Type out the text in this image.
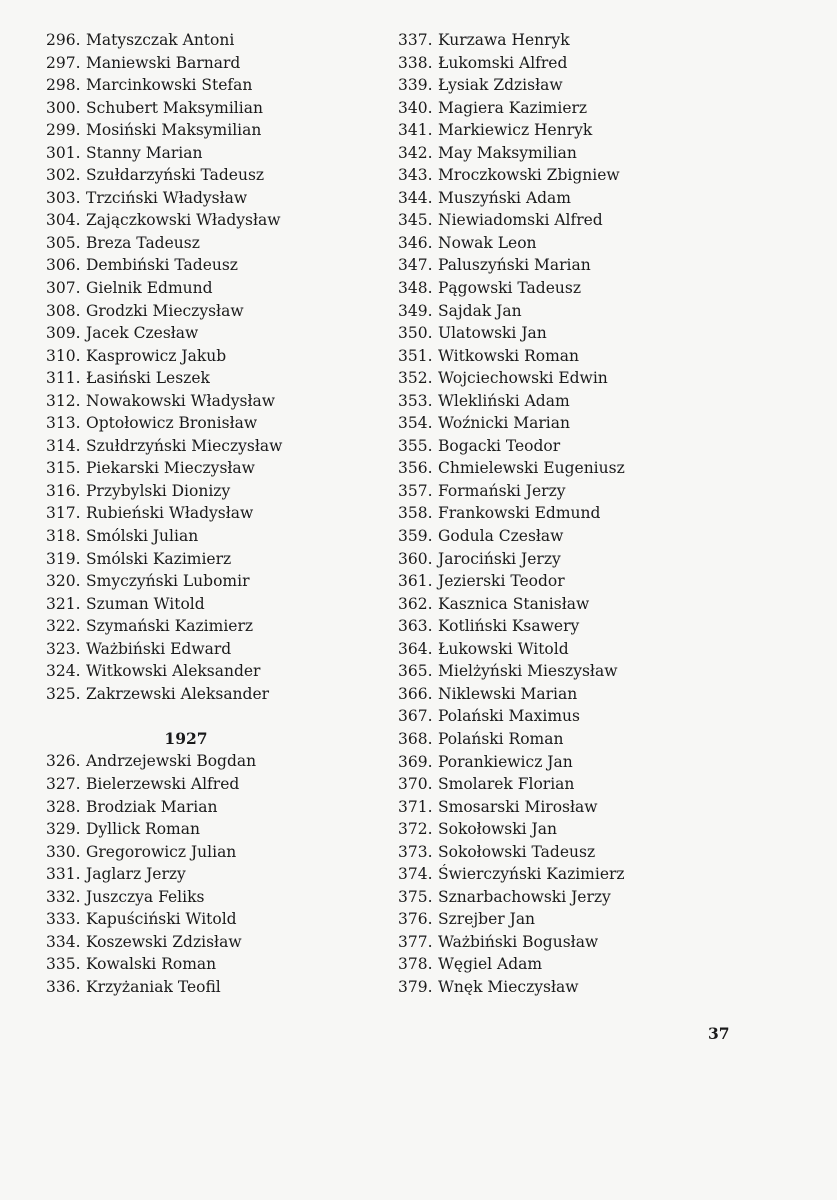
296. Matyszczak Antoni
297. Maniewski Barnard
298. Marcinkowski Stefan
300. Schubert Maksymilian
299. Mosiński Maksymilian
301. Stanny Marian
302. Szułdarzyński Tadeusz
303. Trzciński Władysław
304. Zajączkowski Władysław
305. Breza Tadeusz
306. Dembiński Tadeusz
307. Gielnik Edmund
308. Grodzki Mieczysław
309. Jacek Czesław
310. Kasprowicz Jakub
311. Łasiński Leszek
312. Nowakowski Władysław
313. Optołowicz Bronisław
314. Szułdrzyński Mieczysław
315. Piekarski Mieczysław
316. Przybylski Dionizy
317. Rubieński Władysław
318. Smólski Julian
319. Smólski Kazimierz
320. Smyczyński Lubomir
321. Szuman Witold
322. Szymański Kazimierz
323. Ważbiński Edward
324. Witkowski Aleksander
325. Zakrzewski Aleksander
1927
326. Andrzejewski Bogdan
327. Bielerzewski Alfred
328. Brodziak Marian
329. Dyllick Roman
330. Gregorowicz Julian
331. Jaglarz Jerzy
332. Juszczya Feliks
333. Kapuściński Witold
334. Koszewski Zdzisław
335. Kowalski Roman
336. Krzyżaniak Teofil
337. Kurzawa Henryk
338. Łukomski Alfred
339. Łysiak Zdzisław
340. Magiera Kazimierz
341. Markiewicz Henryk
342. May Maksymilian
343. Mroczkowski Zbigniew
344. Muszyński Adam
345. Niewiadomski Alfred
346. Nowak Leon
347. Paluszyński Marian
348. Pągowski Tadeusz
349. Sajdak Jan
350. Ulatowski Jan
351. Witkowski Roman
352. Wojciechowski Edwin
353. Wlekliński Adam
354. Woźnicki Marian
355. Bogacki Teodor
356. Chmielewski Eugeniusz
357. Formański Jerzy
358. Frankowski Edmund
359. Godula Czesław
360. Jarociński Jerzy
361. Jezierski Teodor
362. Kasznica Stanisław
363. Kotliński Ksawery
364. Łukowski Witold
365. Mielżyński Mieszysław
366. Niklewski Marian
367. Polański Maximus
368. Polański Roman
369. Porankiewicz Jan
370. Smolarek Florian
371. Smosarski Mirosław
372. Sokołowski Jan
373. Sokołowski Tadeusz
374. Świerczyński Kazimierz
375. Sznarbachowski Jerzy
376. Szrejber Jan
377. Ważbiński Bogusław
378. Węgiel Adam
379. Wnęk Mieczysław
37
